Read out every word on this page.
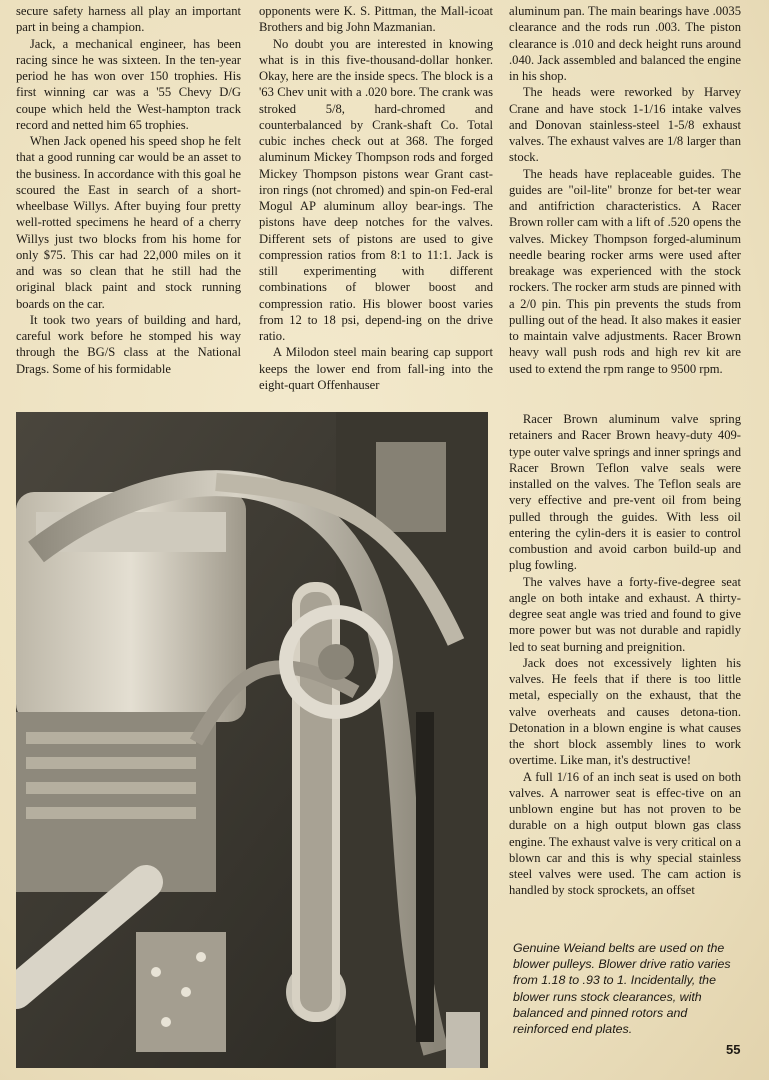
secure safety harness all play an important part in being a champion.

Jack, a mechanical engineer, has been racing since he was sixteen. In the ten-year period he has won over 150 trophies. His first winning car was a '55 Chevy D/G coupe which held the West-hampton track record and netted him 65 trophies.

When Jack opened his speed shop he felt that a good running car would be an asset to the business. In accordance with this goal he scoured the East in search of a short-wheelbase Willys. After buying four pretty well-rotted specimens he heard of a cherry Willys just two blocks from his home for only $75. This car had 22,000 miles on it and was so clean that he still had the original black paint and stock running boards on the car.

It took two years of building and hard, careful work before he stomped his way through the BG/S class at the National Drags. Some of his formidable

opponents were K. S. Pittman, the Mall-icoat Brothers and big John Mazmanian.

No doubt you are interested in knowing what is in this five-thousand-dollar honker. Okay, here are the inside specs. The block is a '63 Chev unit with a .020 bore. The crank was stroked 5/8, hard-chromed and counterbalanced by Crank-shaft Co. Total cubic inches check out at 368. The forged aluminum Mickey Thompson rods and forged Mickey Thompson pistons wear Grant cast-iron rings (not chromed) and spin-on Fed-eral Mogul AP aluminum alloy bear-ings. The pistons have deep notches for the valves. Different sets of pistons are used to give compression ratios from 8:1 to 11:1. Jack is still experimenting with different combinations of blower boost and compression ratio. His blower boost varies from 12 to 18 psi, depend-ing on the drive ratio.

A Milodon steel main bearing cap support keeps the lower end from fall-ing into the eight-quart Offenhauser

aluminum pan. The main bearings have .0035 clearance and the rods run .003. The piston clearance is .010 and deck height runs around .040. Jack assembled and balanced the engine in his shop.

The heads were reworked by Harvey Crane and have stock 1-1/16 intake valves and Donovan stainless-steel 1-5/8 exhaust valves. The exhaust valves are 1/8 larger than stock.

The heads have replaceable guides. The guides are "oil-lite" bronze for bet-ter wear and antifriction characteristics. A Racer Brown roller cam with a lift of .520 opens the valves. Mickey Thompson forged-aluminum needle bearing rocker arms were used after breakage was experienced with the stock rockers. The rocker arm studs are pinned with a 2/0 pin. This pin prevents the studs from pulling out of the head. It also makes it easier to maintain valve adjustments. Racer Brown heavy wall push rods and high rev kit are used to extend the rpm range to 9500 rpm.

Racer Brown aluminum valve spring retainers and Racer Brown heavy-duty 409-type outer valve springs and inner springs and Racer Brown Teflon valve seals were installed on the valves. The Teflon seals are very effective and pre-vent oil from being pulled through the guides. With less oil entering the cylin-ders it is easier to control combustion and avoid carbon build-up and plug fowling.

The valves have a forty-five-degree seat angle on both intake and exhaust. A thirty-degree seat angle was tried and found to give more power but was not durable and rapidly led to seat burning and preignition.

Jack does not excessively lighten his valves. He feels that if there is too little metal, especially on the exhaust, that the valve overheats and causes detona-tion. Detonation in a blown engine is what causes the short block assembly lines to work overtime. Like man, it's destructive!

A full 1/16 of an inch seat is used on both valves. A narrower seat is effec-tive on an unblown engine but has not proven to be durable on a high output blown gas class engine. The exhaust valve is very critical on a blown car and this is why special stainless steel valves were used. The cam action is handled by stock sprockets, an offset

Genuine Weiand belts are used on the blower pulleys. Blower drive ratio varies from 1.18 to .93 to 1. Incidentally, the blower runs stock clearances, with balanced and pinned rotors and reinforced end plates.
55
